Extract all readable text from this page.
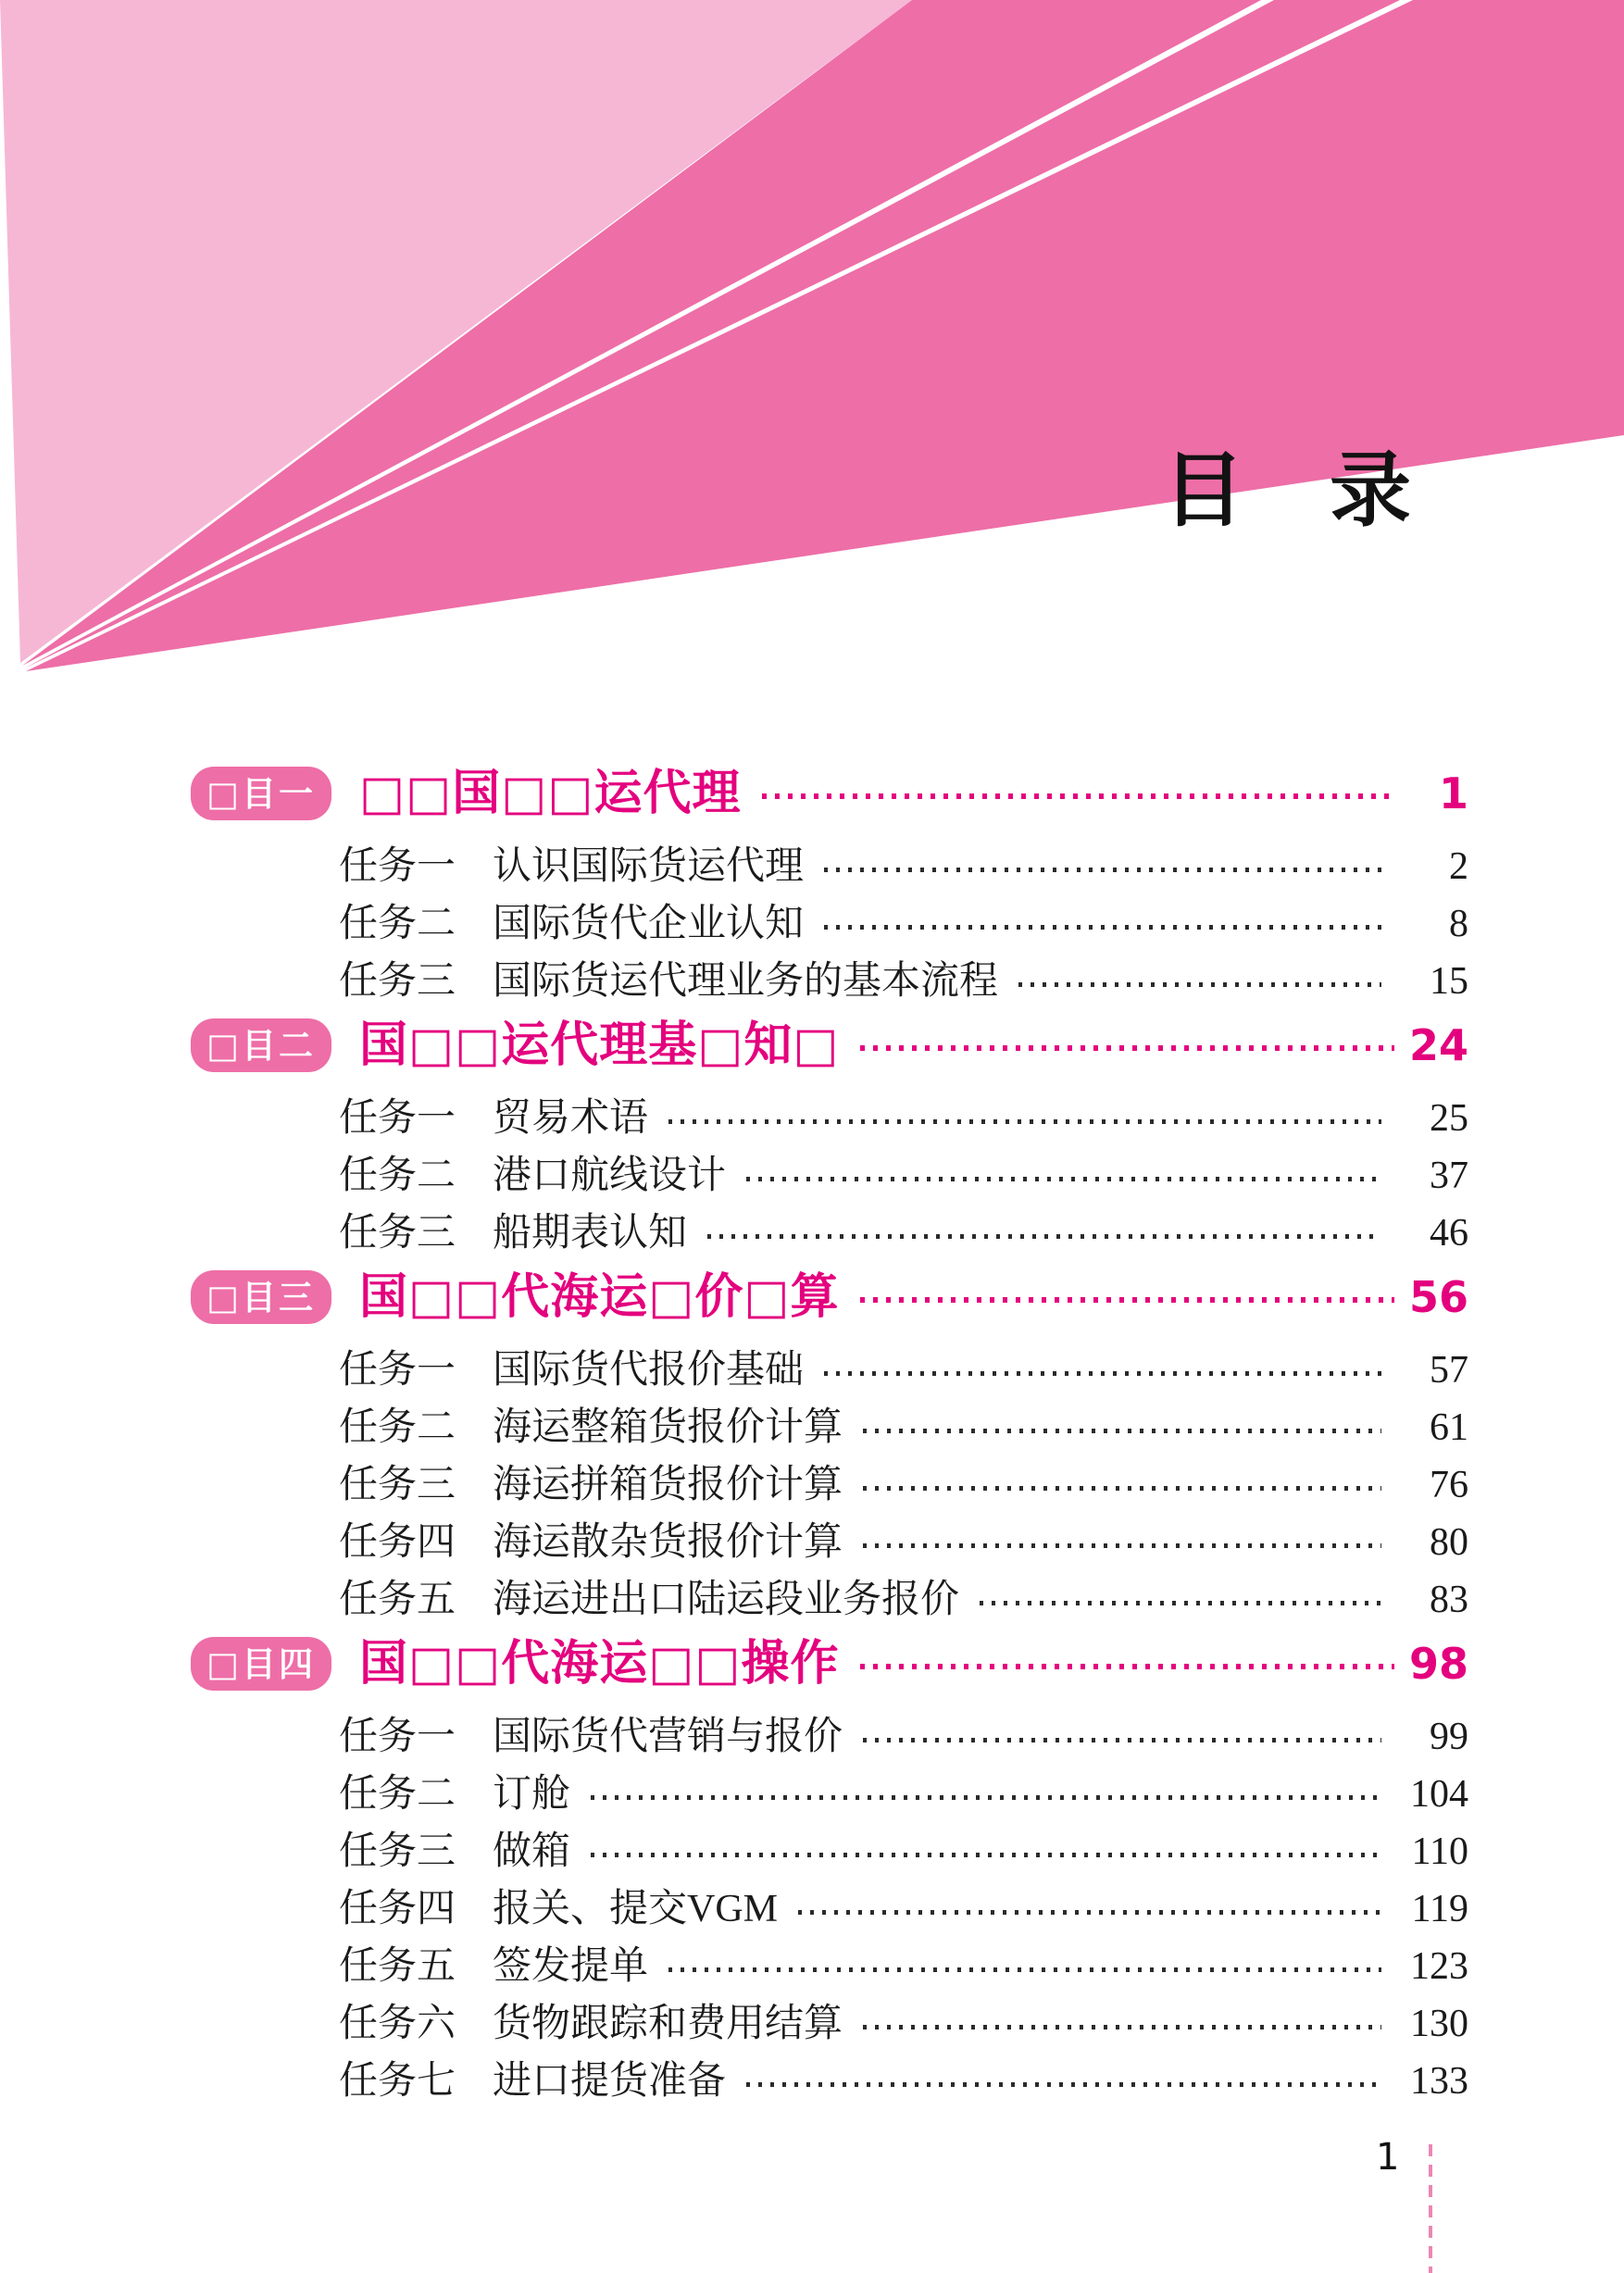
目　录
□目一 □□国□□运代理	1
任务一 认识国际货运代理	2
任务二 国际货代企业认知	8
任务三 国际货运代理业务的基本流程	15
□目二 国□□运代理基□知□	24
任务一 贸易术语	25
任务二 港口航线设计	37
任务三 船期表认知	46
□目三 国□□代海运□价□算	56
任务一 国际货代报价基础	57
任务二 海运整箱货报价计算	61
任务三 海运拼箱货报价计算	76
任务四 海运散杂货报价计算	80
任务五 海运进出口陆运段业务报价	83
□目四 国□□代海运□□操作	98
任务一 国际货代营销与报价	99
任务二 订舱	104
任务三 做箱	110
任务四 报关、提交VGM	119
任务五 签发提单	123
任务六 货物跟踪和费用结算	130
任务七 进口提货准备	133
1
